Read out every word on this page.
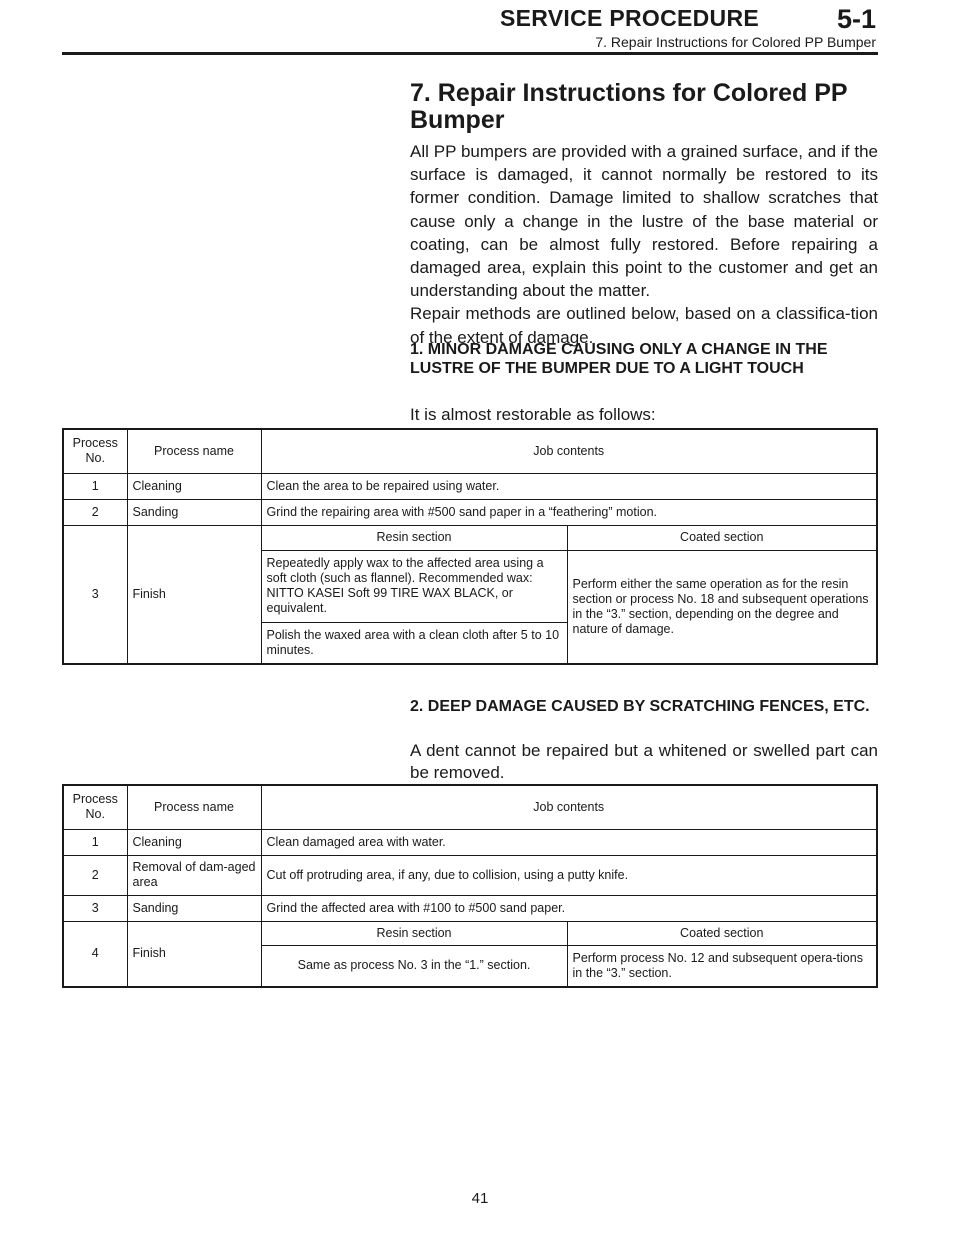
SERVICE PROCEDURE	5-1
7. Repair Instructions for Colored PP Bumper
7. Repair Instructions for Colored PP Bumper

All PP bumpers are provided with a grained surface, and if the surface is damaged, it cannot normally be restored to its former condition. Damage limited to shallow scratches that cause only a change in the lustre of the base material or coating, can be almost fully restored. Before repairing a damaged area, explain this point to the customer and get an understanding about the matter.

Repair methods are outlined below, based on a classifica-tion of the extent of damage.

1. MINOR DAMAGE CAUSING ONLY A CHANGE IN THE LUSTRE OF THE BUMPER DUE TO A LIGHT TOUCH
It is almost restorable as follows:
Process No.	Process name	Job contents	
1	Cleaning	Clean the area to be repaired using water.	
2	Sanding	Grind the repairing area with #500 sand paper in a “feathering” motion.	
3	Finish	Resin section	Coated section
		Repeatedly apply wax to the affected area using a soft cloth (such as flannel). Recommended wax: NITTO KASEI Soft 99 TIRE WAX BLACK, or equivalent.	Perform either the same operation as for the resin section or process No. 18 and subsequent operations in the “3.” section, depending on the degree and nature of damage.
		Polish the waxed area with a clean cloth after 5 to 10 minutes.	
2. DEEP DAMAGE CAUSED BY SCRATCHING FENCES, ETC.
A dent cannot be repaired but a whitened or swelled part can be removed.
Process No.	Process name	Job contents	
1	Cleaning	Clean damaged area with water.	
2	Removal of dam-aged area	Cut off protruding area, if any, due to collision, using a putty knife.	
3	Sanding	Grind the affected area with #100 to #500 sand paper.	
4	Finish	Resin section	Coated section
		Same as process No. 3 in the “1.” section.	Perform process No. 12 and subsequent opera-tions in the “3.” section.
41
